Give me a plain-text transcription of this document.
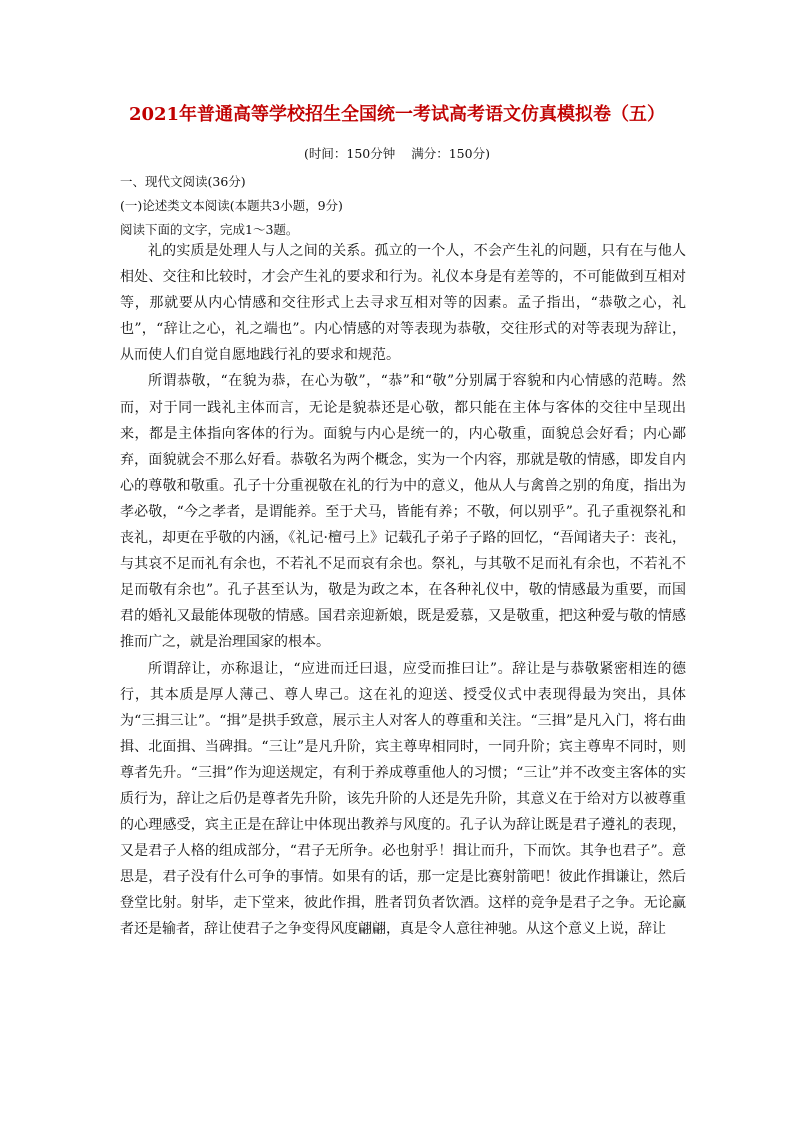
2021年普通高等学校招生全国统一考试高考语文仿真模拟卷（五）
(时间：150分钟 满分：150分)
一、现代文阅读(36分)
(一)论述类文本阅读(本题共3小题，9分)
阅读下面的文字，完成1～3题。

礼的实质是处理人与人之间的关系。孤立的一个人，不会产生礼的问题，只有在与他人相处、交往和比较时，才会产生礼的要求和行为。礼仪本身是有差等的，不可能做到互相对等，那就要从内心情感和交往形式上去寻求互相对等的因素。孟子指出，“恭敬之心，礼也”，“辞让之心，礼之端也”。内心情感的对等表现为恭敬，交往形式的对等表现为辞让，从而使人们自觉自愿地践行礼的要求和规范。

所谓恭敬，“在貌为恭，在心为敬”，“恭”和“敬”分别属于容貌和内心情感的范畴。然而，对于同一践礼主体而言，无论是貌恭还是心敬，都只能在主体与客体的交往中呈现出来，都是主体指向客体的行为。面貌与内心是统一的，内心敬重，面貌总会好看；内心鄙弃，面貌就会不那么好看。恭敬名为两个概念，实为一个内容，那就是敬的情感，即发自内心的尊敬和敬重。孔子十分重视敬在礼的行为中的意义，他从人与禽兽之别的角度，指出为孝必敬，“今之孝者，是谓能养。至于犬马，皆能有养；不敬，何以别乎”。孔子重视祭礼和丧礼，却更在乎敬的内涵，《礼记·檀弓上》记载孔子弟子子路的回忆，“吾闻诸夫子：丧礼，与其哀不足而礼有余也，不若礼不足而哀有余也。祭礼，与其敬不足而礼有余也，不若礼不足而敬有余也”。孔子甚至认为，敬是为政之本，在各种礼仪中，敬的情感最为重要，而国君的婚礼又最能体现敬的情感。国君亲迎新娘，既是爱慕，又是敬重，把这种爱与敬的情感推而广之，就是治理国家的根本。

所谓辞让，亦称退让，“应进而迁曰退，应受而推曰让”。辞让是与恭敬紧密相连的德行，其本质是厚人薄己、尊人卑己。这在礼的迎送、授受仪式中表现得最为突出，具体为“三揖三让”。“揖”是拱手致意，展示主人对客人的尊重和关注。“三揖”是凡入门，将右曲揖、北面揖、当碑揖。“三让”是凡升阶，宾主尊卑相同时，一同升阶；宾主尊卑不同时，则尊者先升。“三揖”作为迎送规定，有利于养成尊重他人的习惯；“三让”并不改变主客体的实质行为，辞让之后仍是尊者先升阶，该先升阶的人还是先升阶，其意义在于给对方以被尊重的心理感受，宾主正是在辞让中体现出教养与风度的。孔子认为辞让既是君子遵礼的表现，又是君子人格的组成部分，“君子无所争。必也射乎！揖让而升，下而饮。其争也君子”。意思是，君子没有什么可争的事情。如果有的话，那一定是比赛射箭吧！彼此作揖谦让，然后登堂比射。射毕，走下堂来，彼此作揖，胜者罚负者饮酒。这样的竞争是君子之争。无论赢者还是输者，辞让使君子之争变得风度翩翩，真是令人意往神驰。从这个意义上说，辞让
